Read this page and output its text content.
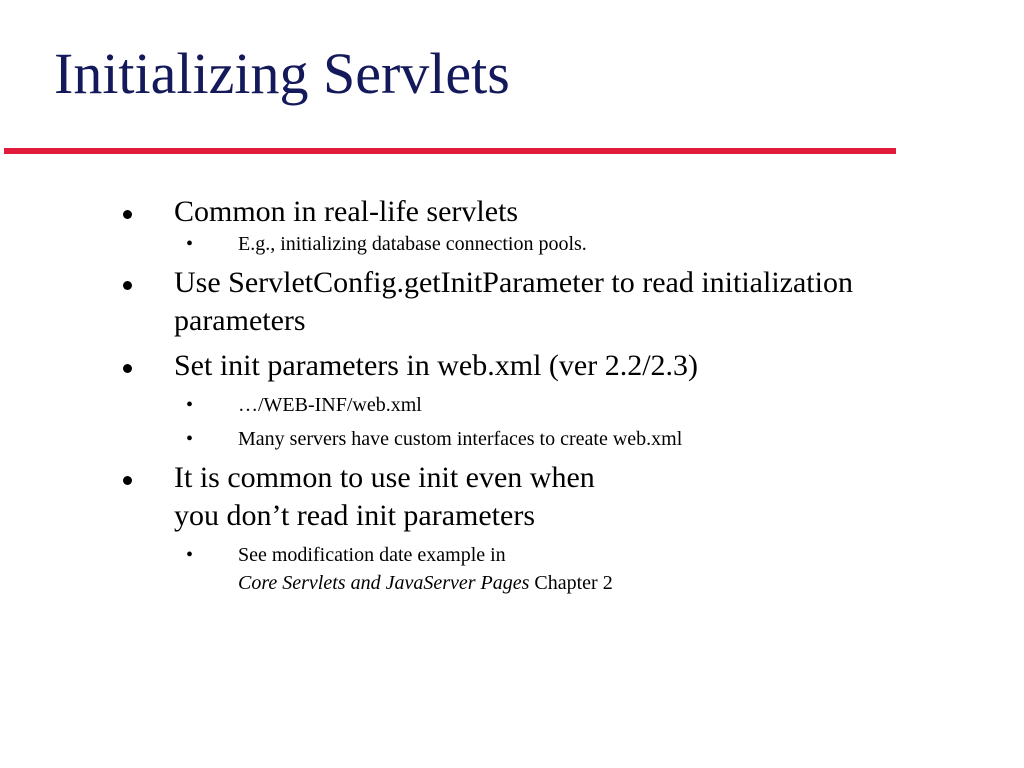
Initializing Servlets
Common in real-life servlets
• E.g., initializing database connection pools.
Use ServletConfig.getInitParameter to read initialization
parameters
Set init parameters in web.xml (ver 2.2/2.3)
• …/WEB-INF/web.xml
• Many servers have custom interfaces to create web.xml
It is common to use init even when
you don’t read init parameters
• See modification date example in
Core Servlets and JavaServer Pages Chapter 2
